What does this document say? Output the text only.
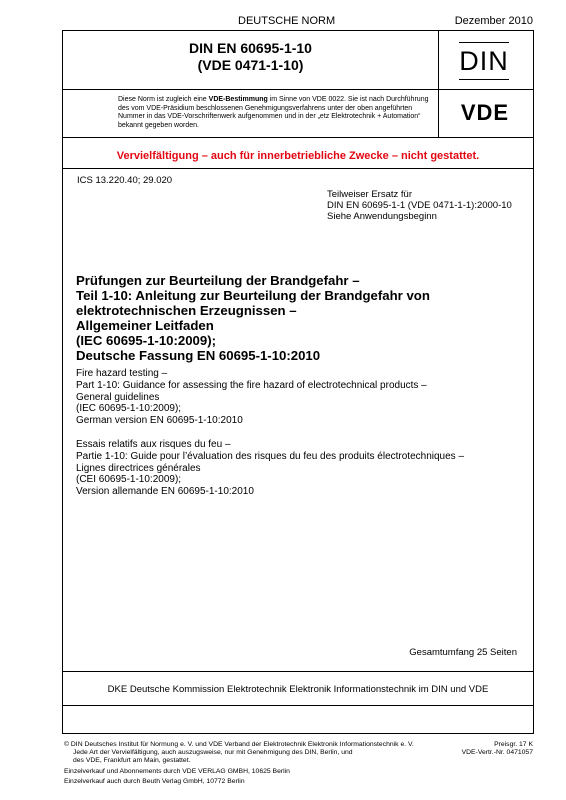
DEUTSCHE NORM	Dezember 2010
DIN EN 60695-1-10
(VDE 0471-1-10)	DIN
Diese Norm ist zugleich eine VDE-Bestimmung im Sinne von VDE 0022. Sie ist nach Durchführung des vom VDE-Präsidium beschlossenen Genehmigungsverfahrens unter der oben angeführten Nummer in das VDE-Vorschriftenwerk aufgenommen und in der „etz Elektrotechnik + Automation“ bekannt gegeben worden.
VDE
Vervielfältigung – auch für innerbetriebliche Zwecke – nicht gestattet.
ICS 13.220.40; 29.020
Teilweiser Ersatz für
DIN EN 60695-1-1 (VDE 0471-1-1):2000-10
Siehe Anwendungsbeginn
Prüfungen zur Beurteilung der Brandgefahr –
Teil 1-10: Anleitung zur Beurteilung der Brandgefahr von
elektrotechnischen Erzeugnissen –
Allgemeiner Leitfaden
(IEC 60695-1-10:2009);
Deutsche Fassung EN 60695-1-10:2010
Fire hazard testing –
Part 1-10: Guidance for assessing the fire hazard of electrotechnical products –
General guidelines
(IEC 60695-1-10:2009);
German version EN 60695-1-10:2010
Essais relatifs aux risques du feu –
Partie 1-10: Guide pour l’évaluation des risques du feu des produits électrotechniques –
Lignes directrices générales
(CEI 60695-1-10:2009);
Version allemande EN 60695-1-10:2010
Gesamtumfang 25 Seiten
DKE Deutsche Kommission Elektrotechnik Elektronik Informationstechnik im DIN und VDE
© DIN Deutsches Institut für Normung e. V. und VDE Verband der Elektrotechnik Elektronik Informationstechnik e. V.
Jede Art der Vervielfältigung, auch auszugsweise, nur mit Genehmigung des DIN, Berlin, und
des VDE, Frankfurt am Main, gestattet.
Preisgr. 17 K
VDE-Vertr.-Nr. 0471057
Einzelverkauf und Abonnements durch VDE VERLAG GMBH, 10625 Berlin
Einzelverkauf auch durch Beuth Verlag GmbH, 10772 Berlin
